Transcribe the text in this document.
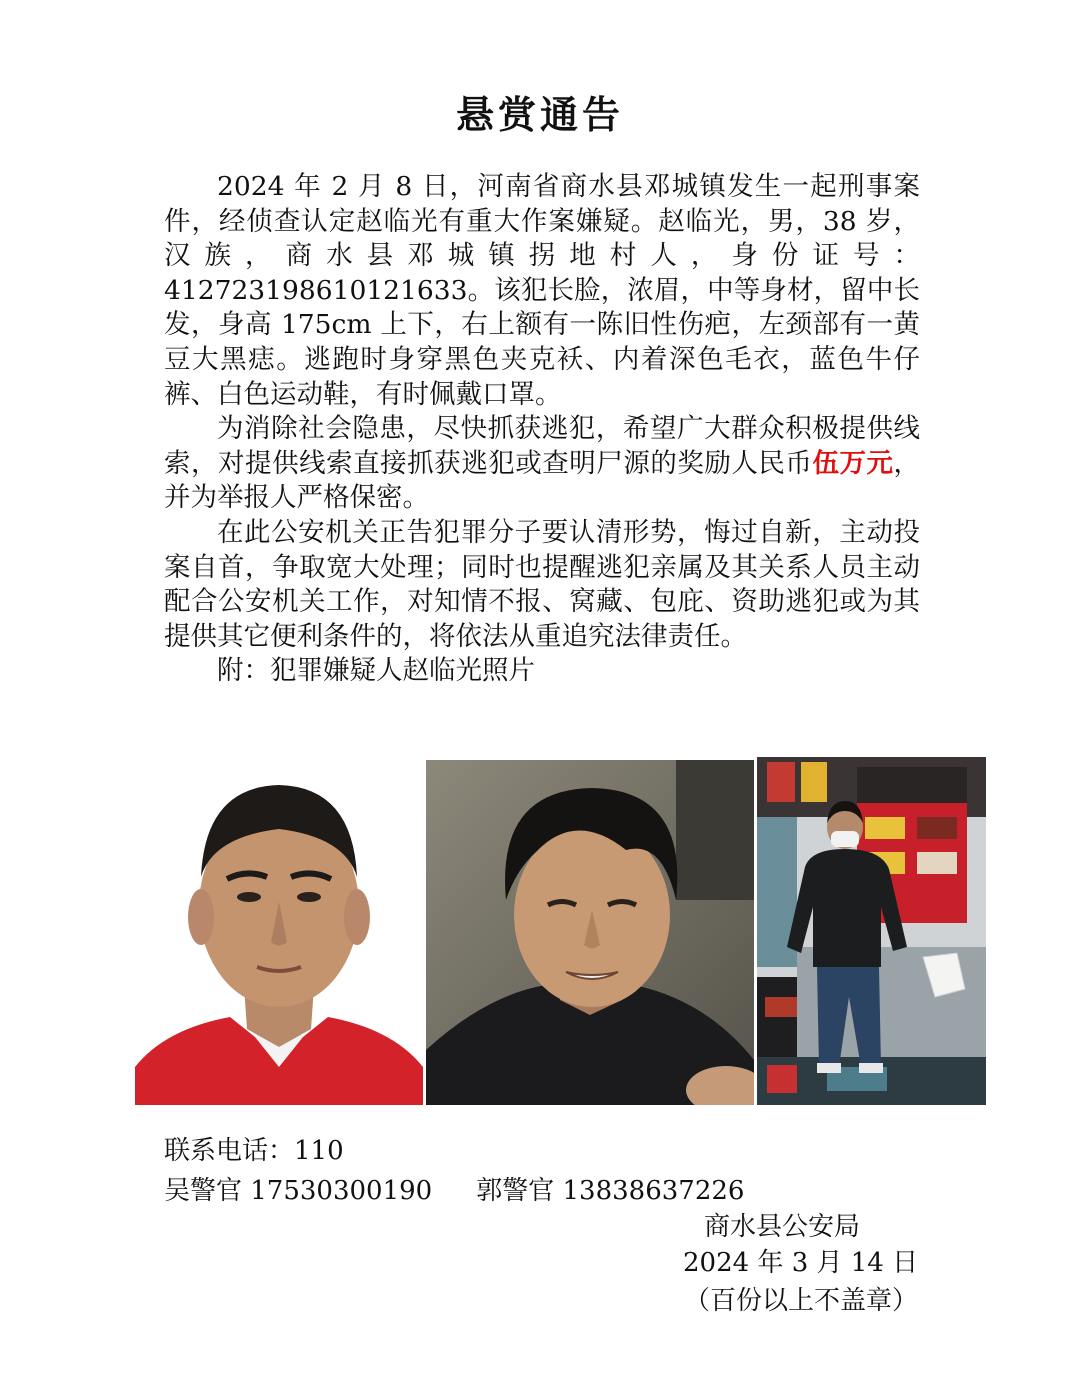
悬赏通告

2024 年 2 月 8 日，河南省商水县邓城镇发生一起刑事案件，经侦查认定赵临光有重大作案嫌疑。赵临光，男，38 岁，汉族，商水县邓城镇拐地村人，身份证号：412723198610121633。该犯长脸，浓眉，中等身材，留中长发，身高 175cm 上下，右上额有一陈旧性伤疤，左颈部有一黄豆大黑痣。逃跑时身穿黑色夹克袄、内着深色毛衣，蓝色牛仔裤、白色运动鞋，有时佩戴口罩。

为消除社会隐患，尽快抓获逃犯，希望广大群众积极提供线索，对提供线索直接抓获逃犯或查明尸源的奖励人民币伍万元，并为举报人严格保密。

在此公安机关正告犯罪分子要认清形势，悔过自新，主动投案自首，争取宽大处理；同时也提醒逃犯亲属及其关系人员主动配合公安机关工作，对知情不报、窝藏、包庇、资助逃犯或为其提供其它便利条件的，将依法从重追究法律责任。

附：犯罪嫌疑人赵临光照片

联系电话：110
吴警官 17530300190 郭警官 13838637226
商水县公安局
2024 年 3 月 14 日
（百份以上不盖章）
